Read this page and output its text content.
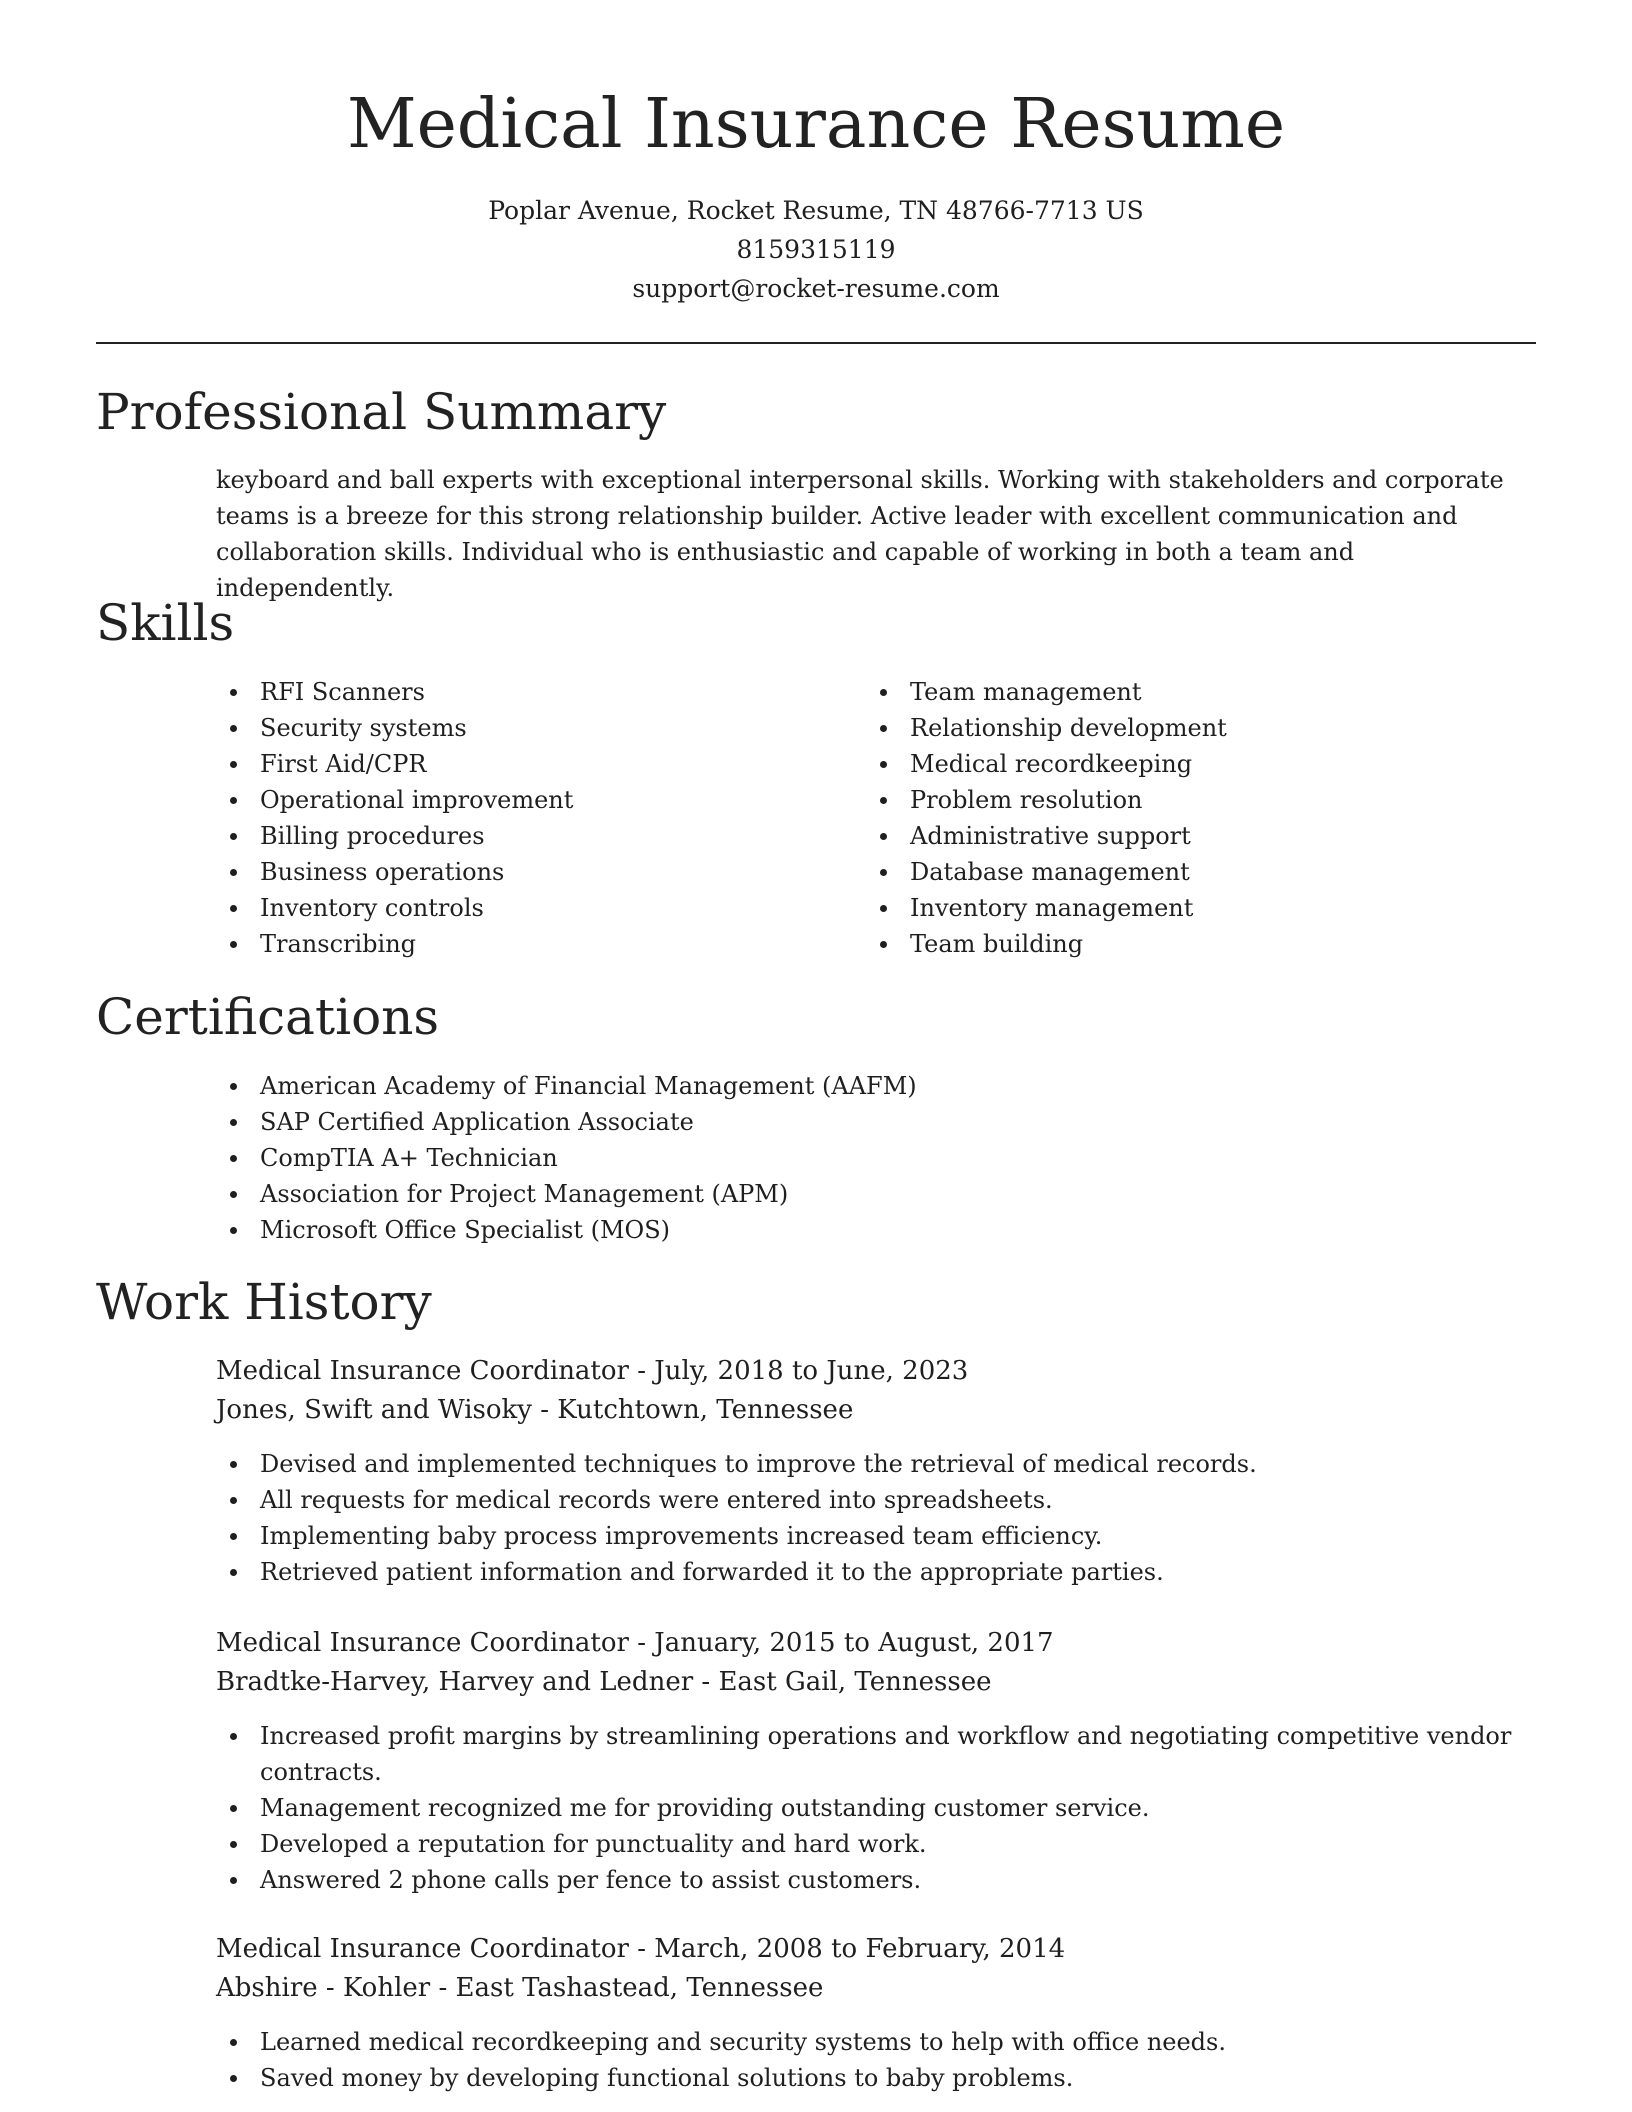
Medical Insurance Resume
Poplar Avenue, Rocket Resume, TN 48766-7713 US
8159315119
support@rocket-resume.com
Professional Summary

keyboard and ball experts with exceptional interpersonal skills. Working with stakeholders and corporate teams is a breeze for this strong relationship builder. Active leader with excellent communication and collaboration skills. Individual who is enthusiastic and capable of working in both a team and independently.

Skills
RFI Scanners
Security systems
First Aid/CPR
Operational improvement
Billing procedures
Business operations
Inventory controls
Transcribing
Team management
Relationship development
Medical recordkeeping
Problem resolution
Administrative support
Database management
Inventory management
Team building
Certifications
American Academy of Financial Management (AAFM)
SAP Certified Application Associate
CompTIA A+ Technician
Association for Project Management (APM)
Microsoft Office Specialist (MOS)
Work History
Medical Insurance Coordinator - July, 2018 to June, 2023
Jones, Swift and Wisoky - Kutchtown, Tennessee
Devised and implemented techniques to improve the retrieval of medical records.
All requests for medical records were entered into spreadsheets.
Implementing baby process improvements increased team efficiency.
Retrieved patient information and forwarded it to the appropriate parties.
Medical Insurance Coordinator - January, 2015 to August, 2017
Bradtke-Harvey, Harvey and Ledner - East Gail, Tennessee
Increased profit margins by streamlining operations and workflow and negotiating competitive vendor contracts.
Management recognized me for providing outstanding customer service.
Developed a reputation for punctuality and hard work.
Answered 2 phone calls per fence to assist customers.
Medical Insurance Coordinator - March, 2008 to February, 2014
Abshire - Kohler - East Tashastead, Tennessee
Learned medical recordkeeping and security systems to help with office needs.
Saved money by developing functional solutions to baby problems.
